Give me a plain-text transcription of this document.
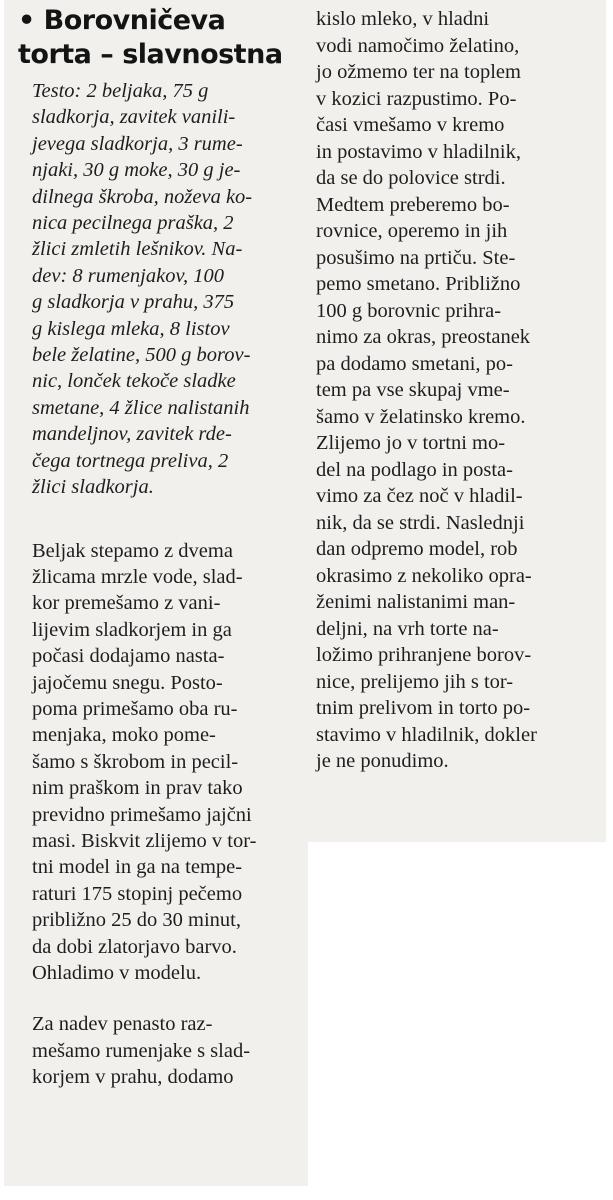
• Borovničeva
torta – slavnostna
Testo: 2 beljaka, 75 g
sladkorja, zavitek vanili-
jevega sladkorja, 3 rume-
njaki, 30 g moke, 30 g je-
dilnega škroba, noževa ko-
nica pecilnega praška, 2
žlici zmletih lešnikov. Na-
dev: 8 rumenjakov, 100
g sladkorja v prahu, 375
g kislega mleka, 8 listov
bele želatine, 500 g borov-
nic, lonček tekoče sladke
smetane, 4 žlice nalistanih
mandeljnov, zavitek rde-
čega tortnega preliva, 2
žlici sladkorja.
Beljak stepamo z dvema
žlicama mrzle vode, slad-
kor premešamo z vani-
lijevim sladkorjem in ga
počasi dodajamo nasta-
jajočemu snegu. Posto-
poma primešamo oba ru-
menjaka, moko pome-
šamo s škrobom in pecil-
nim praškom in prav tako
previdno primešamo jajčni
masi. Biskvit zlijemo v tor-
tni model in ga na tempe-
raturi 175 stopinj pečemo
približno 25 do 30 minut,
da dobi zlatorjavo barvo.
Ohladimo v modelu.
Za nadev penasto raz-
mešamo rumenjake s slad-
korjem v prahu, dodamo
kislo mleko, v hladni
vodi namočimo želatino,
jo ožmemo ter na toplem
v kozici razpustimo. Po-
časi vmešamo v kremo
in postavimo v hladilnik,
da se do polovice strdi.
Medtem preberemo bo-
rovnice, operemo in jih
posušimo na prtiču. Ste-
pemo smetano. Približno
100 g borovnic prihra-
nimo za okras, preostanek
pa dodamo smetani, po-
tem pa vse skupaj vme-
šamo v želatinsko kremo.
Zlijemo jo v tortni mo-
del na podlago in posta-
vimo za čez noč v hladil-
nik, da se strdi. Naslednji
dan odpremo model, rob
okrasimo z nekoliko opra-
ženimi nalistanimi man-
deljni, na vrh torte na-
ložimo prihranjene borov-
nice, prelijemo jih s tor-
tnim prelivom in torto po-
stavimo v hladilnik, dokler
je ne ponudimo.
